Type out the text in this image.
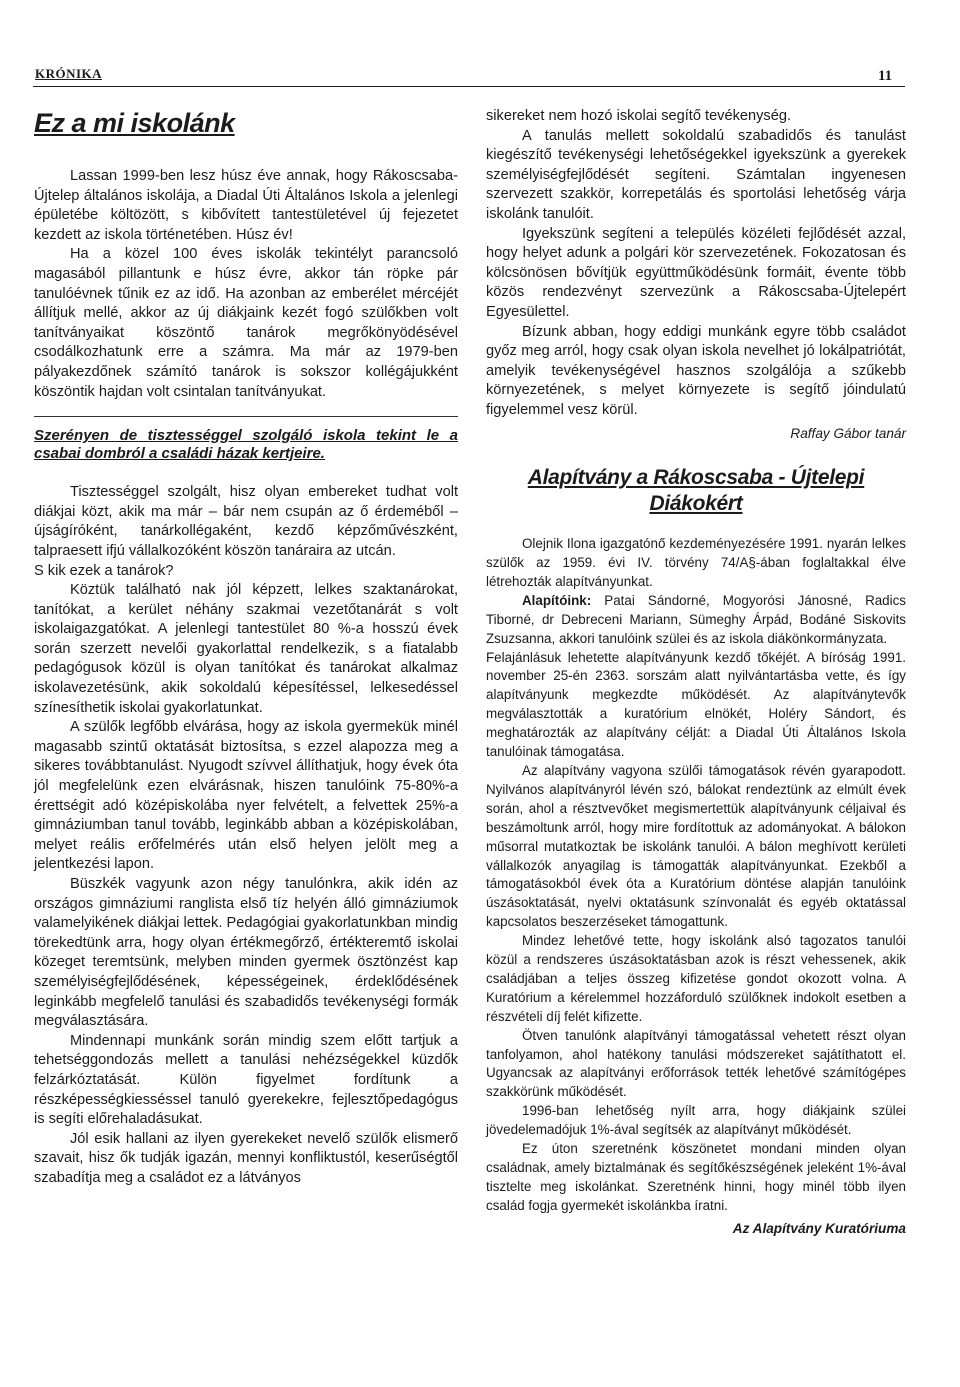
KRÓNIKA	11
Ez a mi iskolánk

Lassan 1999-ben lesz húsz éve annak, hogy Rákoscsaba-Újtelep általános iskolája, a Diadal Úti Általános Iskola a jelenlegi épületébe költözött, s kibővített tantestületével új fejezetet kezdett az iskola történetében. Húsz év!

Ha a közel 100 éves iskolák tekintélyt parancsoló magasából pillantunk e húsz évre, akkor tán röpke pár tanulóévnek tűnik ez az idő. Ha azonban az emberélet mércéjét állítjuk mellé, akkor az új diákjaink kezét fogó szülőkben volt tanítványaikat köszöntő tanárok megrőkönyödésével csodálkozhatunk erre a számra. Ma már az 1979-ben pályakezdőnek számító tanárok is sokszor kollégájukként köszöntik hajdan volt csintalan tanítványukat.

Szerényen de tisztességgel szolgáló iskola tekint le a csabai dombról a családi házak kertjeire.

Tisztességgel szolgált, hisz olyan embereket tudhat volt diákjai közt, akik ma már – bár nem csupán az ő érdeméből – újságíróként, tanárkollégaként, kezdő képzőművészként, talpraesett ifjú vállalkozóként köszön tanáraira az utcán.

S kik ezek a tanárok?

Köztük található nak jól képzett, lelkes szaktanárokat, tanítókat, a kerület néhány szakmai vezetőtanárát s volt iskolaigazgatókat. A jelenlegi tantestület 80 %-a hosszú évek során szerzett nevelői gyakorlattal rendelkezik, s a fiatalabb pedagógusok közül is olyan tanítókat és tanárokat alkalmaz iskolavezetésünk, akik sokoldalú képesítéssel, lelkesedéssel színesíthetik iskolai gyakorlatunkat.

A szülők legfőbb elvárása, hogy az iskola gyermekük minél magasabb szintű oktatását biztosítsa, s ezzel alapozza meg a sikeres továbbtanulást. Nyugodt szívvel állíthatjuk, hogy évek óta jól megfelelünk ezen elvárásnak, hiszen tanulóink 75-80%-a érettségit adó középiskolába nyer felvételt, a felvettek 25%-a gimnáziumban tanul tovább, leginkább abban a középiskolában, melyet reális erőfelmérés után első helyen jelölt meg a jelentkezési lapon.

Büszkék vagyunk azon négy tanulónkra, akik idén az országos gimnáziumi ranglista első tíz helyén álló gimnáziumok valamelyikének diákjai lettek. Pedagógiai gyakorlatunkban mindig törekedtünk arra, hogy olyan értékmegőrző, értékteremtő iskolai közeget teremtsünk, melyben minden gyermek ösztönzést kap személyiségfejlődésének, képességeinek, érdeklődésének leginkább megfelelő tanulási és szabadidős tevékenységi formák megválasztására.

Mindennapi munkánk során mindig szem előtt tartjuk a tehetséggondozás mellett a tanulási nehézségekkel küzdők felzárkóztatását. Külön figyelmet fordítunk a részképességkiesséssel tanuló gyerekekre, fejlesztőpedagógus is segíti előrehaladásukat.

Jól esik hallani az ilyen gyerekeket nevelő szülők elismerő szavait, hisz ők tudják igazán, mennyi konfliktustól, keserűségtől szabadítja meg a családot ez a látványos

sikereket nem hozó iskolai segítő tevékenység.

A tanulás mellett sokoldalú szabadidős és tanulást kiegészítő tevékenységi lehetőségekkel igyekszünk a gyerekek személyiségfejlődését segíteni. Számtalan ingyenesen szervezett szakkör, korrepetálás és sportolási lehetőség várja iskolánk tanulóit.

Igyekszünk segíteni a település közéleti fejlődését azzal, hogy helyet adunk a polgári kör szervezetének. Fokozatosan és kölcsönösen bővítjük együttműködésünk formáit, évente több közös rendezvényt szervezünk a Rákoscsaba-Újtelepért Egyesülettel.

Bízunk abban, hogy eddigi munkánk egyre több családot győz meg arról, hogy csak olyan iskola nevelhet jó lokálpatriótát, amelyik tevékenységével hasznos szolgálója a szűkebb környezetének, s melyet környezete is segítő jóindulatú figyelemmel vesz körül.

Raffay Gábor tanár
Alapítvány a Rákoscsaba - Újtelepi Diákokért

Olejnik Ilona igazgatónő kezdeményezésére 1991. nyarán lelkes szülők az 1959. évi IV. törvény 74/A§-ában foglaltakkal élve létrehozták alapítványunkat.

Alapítóink: Patai Sándorné, Mogyorósi Jánosné, Radics Tiborné, dr Debreceni Mariann, Sümeghy Árpád, Bodáné Siskovits Zsuzsanna, akkori tanulóink szülei és az iskola diákönkormányzata.

Felajánlásuk lehetette alapítványunk kezdő tőkéjét. A bíróság 1991. november 25-én 2363. sorszám alatt nyilvántartásba vette, és így alapítványunk megkezdte működését. Az alapítványtevők megválasztották a kuratórium elnökét, Holéry Sándort, és meghatározták az alapítvány célját: a Diadal Úti Általános Iskola tanulóinak támogatása.

Az alapítvány vagyona szülői támogatások révén gyarapodott. Nyilvános alapítványról lévén szó, bálokat rendeztünk az elmúlt évek során, ahol a résztvevőket megismertettük alapítványunk céljaival és beszámoltunk arról, hogy mire fordítottuk az adományokat. A bálokon műsorral mutatkoztak be iskolánk tanulói. A bálon meghívott kerületi vállalkozók anyagilag is támogatták alapítványunkat. Ezekből a támogatásokból évek óta a Kuratórium döntése alapján tanulóink úszásoktatását, nyelvi oktatásunk színvonalát és egyéb oktatással kapcsolatos beszerzéseket támogattunk.

Mindez lehetővé tette, hogy iskolánk alsó tagozatos tanulói közül a rendszeres úszásoktatásban azok is részt vehessenek, akik családjában a teljes összeg kifizetése gondot okozott volna. A Kuratórium a kérelemmel hozzáforduló szülőknek indokolt esetben a részvételi díj felét kifizette.

Ötven tanulónk alapítványi támogatással vehetett részt olyan tanfolyamon, ahol hatékony tanulási módszereket sajátíthatott el. Ugyancsak az alapítványi erőforrások tették lehetővé számítógépes szakkörünk működését.

1996-ban lehetőség nyílt arra, hogy diákjaink szülei jövedelemadójuk 1%-ával segítsék az alapítványt működését.

Ez úton szeretnénk köszönetet mondani minden olyan családnak, amely biztalmának és segítőkészségének jeleként 1%-ával tisztelte meg iskolánkat. Szeretnénk hinni, hogy minél több ilyen család fogja gyermekét iskolánkba íratni.

Az Alapítvány Kuratóriuma
